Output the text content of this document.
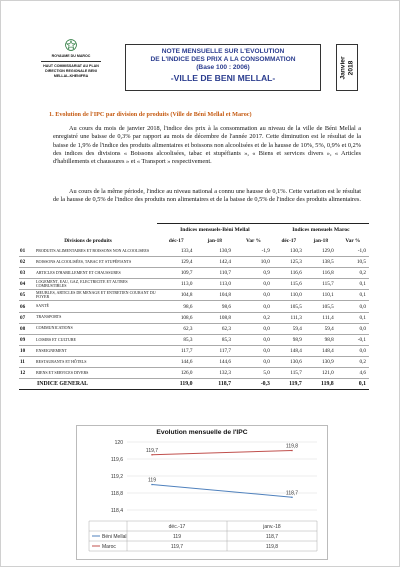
ROYAUME DU MAROC
HAUT COMMISSARIAT AU PLAN
DIRECTION REGIONALE BENI
MELLAL-KHENIFRA
NOTE MENSUELLE SUR L'EVOLUTION
DE L'INDICE DES PRIX A LA CONSOMMATION
(Base 100 : 2006)
-VILLE DE BENI MELLAL-	Janvier
2018
1. Evolution de l'IPC par division de produits (Ville de Béni Mellal et Maroc)
Au cours du mois de janvier 2018, l'indice des prix à la consommation au niveau de la ville de Béni Mellal a enregistré une baisse de 0,3% par rapport au mois de décembre de l'année 2017. Cette diminution est le résultat de la baisse de 1,9% de l'indice des produits alimentaires et boissons non alcoolisées et de la hausse de 10%, 5%, 0,9% et 0,2% des indices des divisions « Boissons alcoolisées, tabac et stupéfiants », « Biens et services divers », « Articles d'habillements et chaussures » et « Transport » respectivement.
Au cours de la même période, l'indice au niveau national a connu une hausse de 0,1%. Cette variation est le résultat de la hausse de 0,5% de l'indice des produits non alimentaires et de la baisse de 0,5% de l'indice des produits alimentaires.
		Indices mensuels-Béni Mellal			Indices mensuels Maroc		
Divisions de produits		déc-17	jan-18	Var %	déc-17	jan-18	Var %
01	PRODUITS ALIMENTAIRES ET BOISSONS NON ALCOOLISEES	133,4	130,9	-1,9	130,3	129,0	-1,0
02	BOISSONS ALCOOLISÉES, TABAC ET STUPÉFIANTS	129,4	142,4	10,0	125,3	138,5	10,5
03	ARTICLES D'HABILLEMENT ET CHAUSSURES	109,7	110,7	0,9	116,6	116,8	0,2
04	LOGEMENT, EAU, GAZ, ELECTRICITE ET AUTRES COMBUSTIBLES	113,0	113,0	0,0	115,6	115,7	0,1
05	MEUBLES, ARTICLES DE MENAGE ET ENTRETIEN COURANT DU FOYER	104,8	104,8	0,0	110,0	110,1	0,1
06	SANTÉ	98,6	98,6	0,0	105,5	105,5	0,0
07	TRANSPORTS	108,6	108,8	0,2	111,3	111,4	0,1
08	COMMUNICATIONS	62,3	62,3	0,0	59,4	59,4	0,0
09	LOISIRS ET CULTURE	85,3	85,3	0,0	98,9	98,8	-0,1
10	ENSEIGNEMENT	117,7	117,7	0,0	148,4	148,4	0,0
11	RESTAURANTS ET HÔTELS	144,6	144,6	0,0	130,6	130,9	0,2
12	BIENS ET SERVICES DIVERS	126,0	132,3	5,0	115,7	121,0	4,6
INDICE GENERAL		119,0	118,7	-0,3	119,7	119,8	0,1
Evolution mensuelle de l'IPC
118,4
118,8
119,2
119,6
120
119
118,7
119,7
119,8
déc.-17	janv.-18
Béni Mellal	119	118,7
Maroc	119,7	119,8
